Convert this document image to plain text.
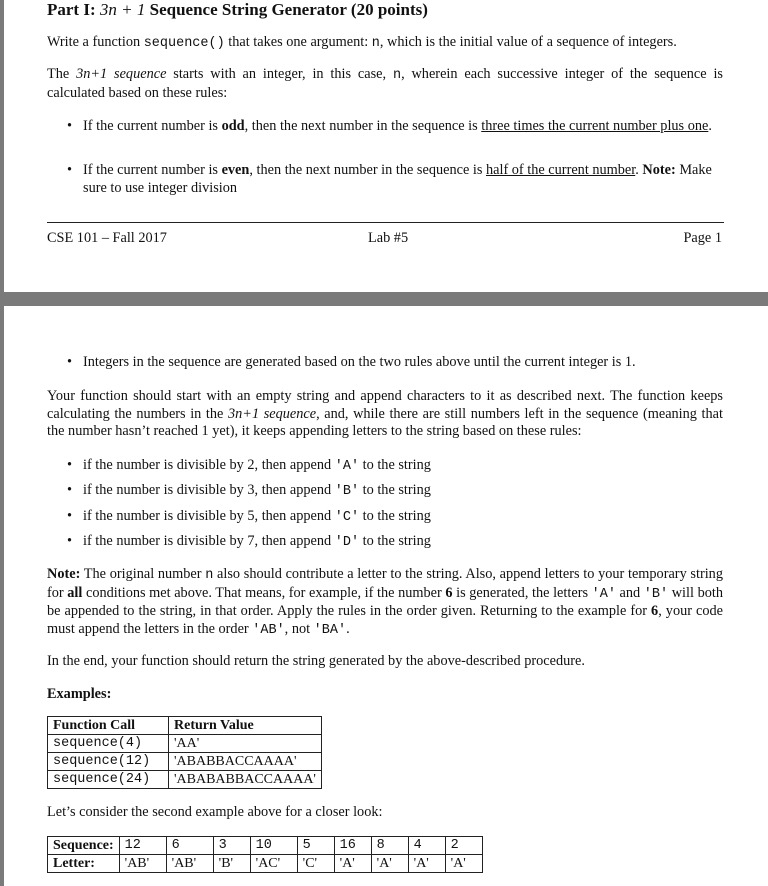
Part I: 3n + 1 Sequence String Generator (20 points)
Write a function sequence() that takes one argument: n, which is the initial value of a sequence of integers.
The 3n+1 sequence starts with an integer, in this case, n, wherein each successive integer of the sequence is calculated based on these rules:
• If the current number is odd, then the next number in the sequence is three times the current number plus one.
• If the current number is even, then the next number in the sequence is half of the current number. Note: Make sure to use integer division
CSE 101 – Fall 2017	Lab #5	Page 1
• Integers in the sequence are generated based on the two rules above until the current integer is 1.
Your function should start with an empty string and append characters to it as described next. The function keeps calculating the numbers in the 3n+1 sequence, and, while there are still numbers left in the sequence (meaning that the number hasn’t reached 1 yet), it keeps appending letters to the string based on these rules:
• if the number is divisible by 2, then append 'A' to the string
• if the number is divisible by 3, then append 'B' to the string
• if the number is divisible by 5, then append 'C' to the string
• if the number is divisible by 7, then append 'D' to the string
Note: The original number n also should contribute a letter to the string. Also, append letters to your temporary string for all conditions met above. That means, for example, if the number 6 is generated, the letters 'A' and 'B' will both be appended to the string, in that order. Apply the rules in the order given. Returning to the example for 6, your code must append the letters in the order 'AB', not 'BA'.
In the end, your function should return the string generated by the above-described procedure.
Examples:
Function Call	Return Value
sequence(4)	'AA'
sequence(12)	'ABABBACCAAAA'
sequence(24)	'ABABABBACCAAAA'
Let’s consider the second example above for a closer look:
Sequence:	12	6	3	10	5	16	8	4	2
Letter:	'AB'	'AB'	'B'	'AC'	'C'	'A'	'A'	'A'	'A'
